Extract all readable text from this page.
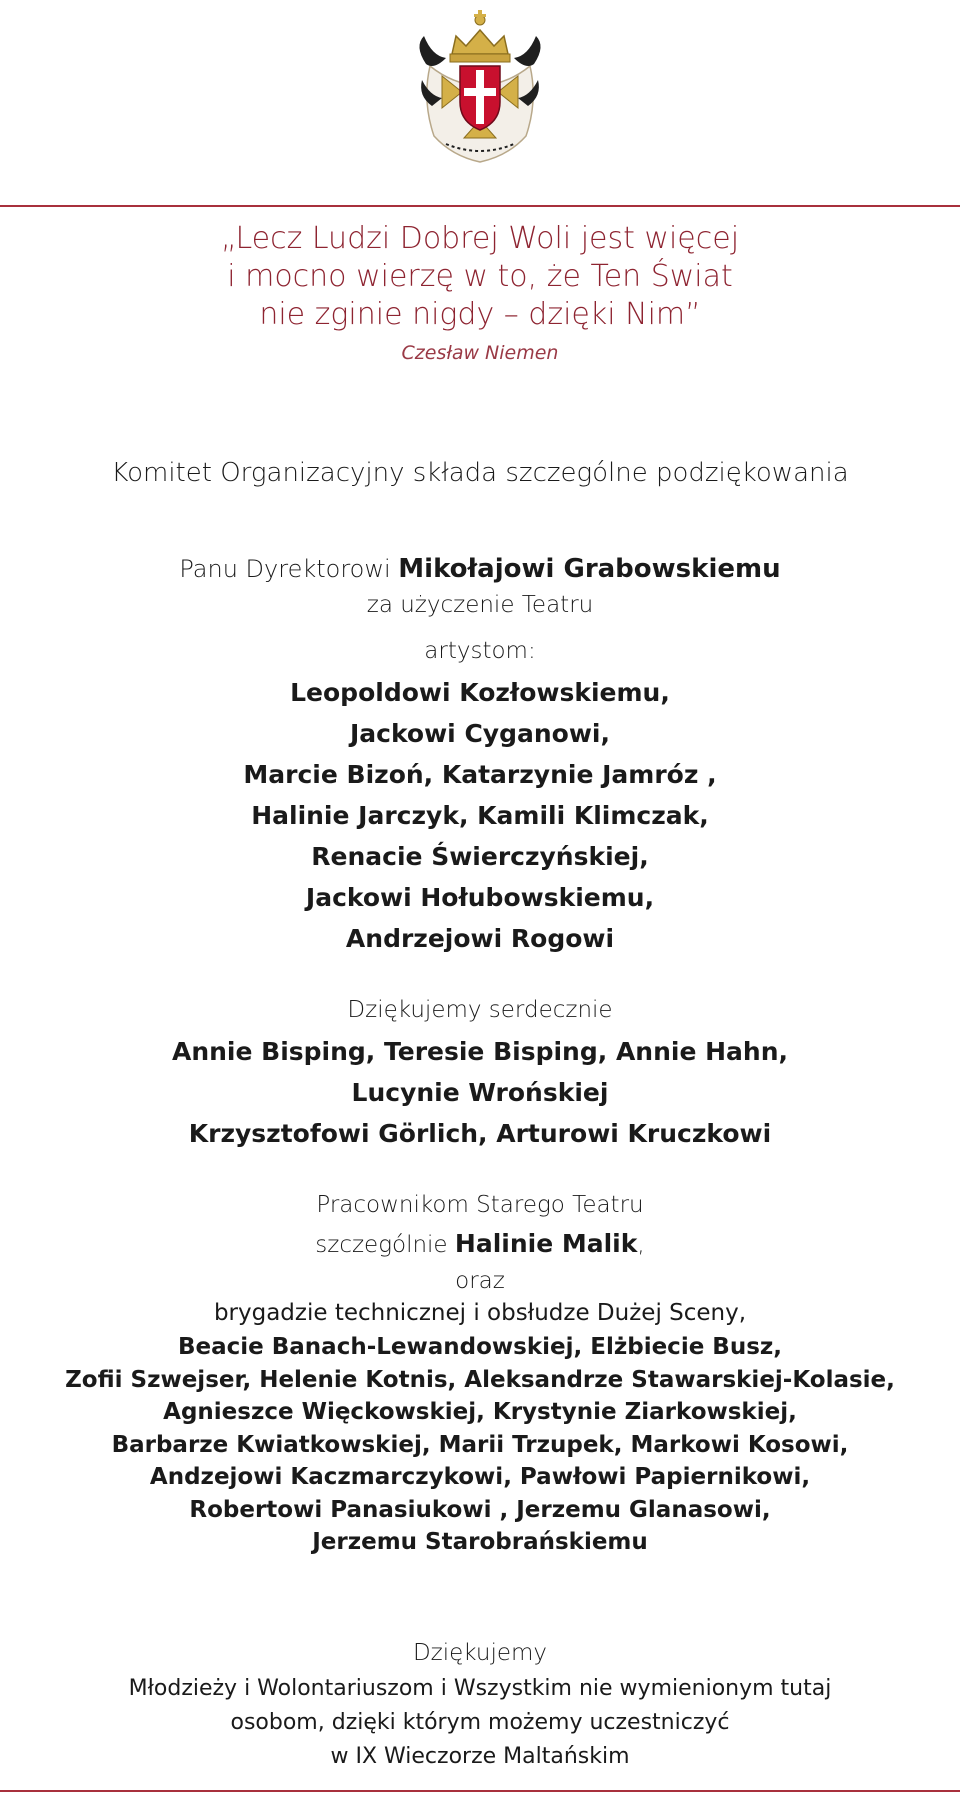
„Lecz Ludzi Dobrej Woli jest więcej
i mocno wierzę w to, że Ten Świat
nie zginie nigdy – dzięki Nim”
Czesław Niemen
Komitet Organizacyjny składa szczególne podziękowania
Panu Dyrektorowi Mikołajowi Grabowskiemu
za użyczenie Teatru
artystom:
Leopoldowi Kozłowskiemu,
Jackowi Cyganowi,
Marcie Bizoń, Katarzynie Jamróz ,
Halinie Jarczyk, Kamili Klimczak,
Renacie Świerczyńskiej,
Jackowi Hołubowskiemu,
Andrzejowi Rogowi
Dziękujemy serdecznie
Annie Bisping, Teresie Bisping, Annie Hahn,
Lucynie Wrońskiej
Krzysztofowi Görlich, Arturowi Kruczkowi
Pracownikom Starego Teatru
szczególnie Halinie Malik,
oraz
brygadzie technicznej i obsłudze Dużej Sceny,
Beacie Banach-Lewandowskiej, Elżbiecie Busz,
Zofii Szwejser, Helenie Kotnis, Aleksandrze Stawarskiej-Kolasie,
Agnieszce Więckowskiej, Krystynie Ziarkowskiej,
Barbarze Kwiatkowskiej, Marii Trzupek, Markowi Kosowi,
Andzejowi Kaczmarczykowi, Pawłowi Papiernikowi,
Robertowi Panasiukowi , Jerzemu Glanasowi,
Jerzemu Starobrańskiemu
Dziękujemy
Młodzieży i Wolontariuszom i Wszystkim nie wymienionym tutaj
osobom, dzięki którym możemy uczestniczyć
w IX Wieczorze Maltańskim
